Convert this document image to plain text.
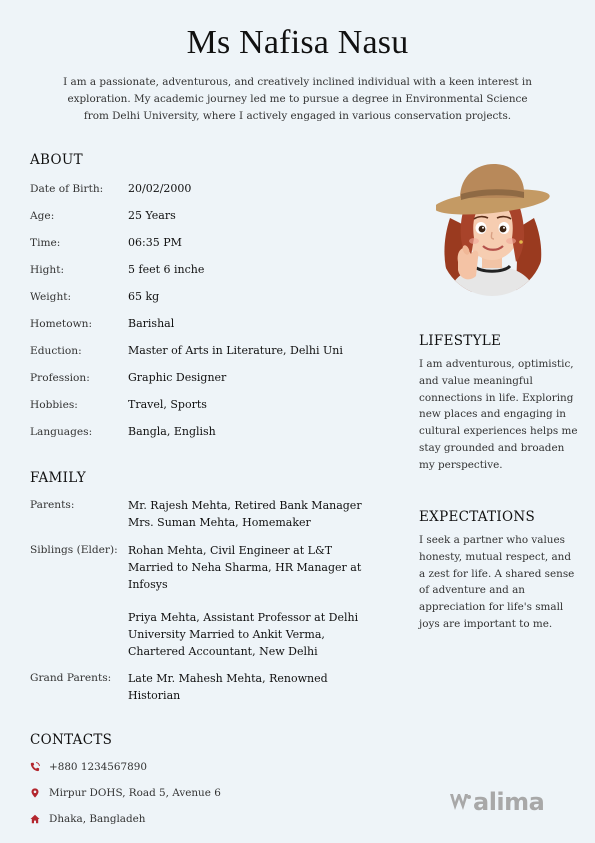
Ms Nafisa Nasu
I am a passionate, adventurous, and creatively inclined individual with a keen interest in exploration. My academic journey led me to pursue a degree in Environmental Science from Delhi University, where I actively engaged in various conservation projects.
ABOUT
Date of Birth: 20/02/2000
Age:	25 Years
Time:	06:35 PM
Hight:	5 feet 6 inche
Weight:	65 kg
Hometown:	Barishal
Eduction:	Master of Arts in Literature, Delhi Uni
Profession:	Graphic Designer
Hobbies:	Travel, Sports
Languages:	Bangla, English
FAMILY
Parents:	Mr. Rajesh Mehta, Retired Bank Manager
Mrs. Suman Mehta, Homemaker
Siblings (Elder): Rohan Mehta, Civil Engineer at L&T
Married to Neha Sharma, HR Manager at
Infosys
Priya Mehta, Assistant Professor at Delhi
University Married to Ankit Verma,
Chartered Accountant, New Delhi
Grand Parents: Late Mr. Mahesh Mehta, Renowned
Historian
CONTACTS
+880 1234567890
Mirpur DOHS, Road 5, Avenue 6
Dhaka, Bangladeh
LIFESTYLE
I am adventurous, optimistic, and value meaningful connections in life. Exploring new places and engaging in cultural experiences helps me stay grounded and broaden my perspective.
EXPECTATIONS
I seek a partner who values honesty, mutual respect, and a zest for life. A shared sense of adventure and an appreciation for life's small joys are important to me.
alima
